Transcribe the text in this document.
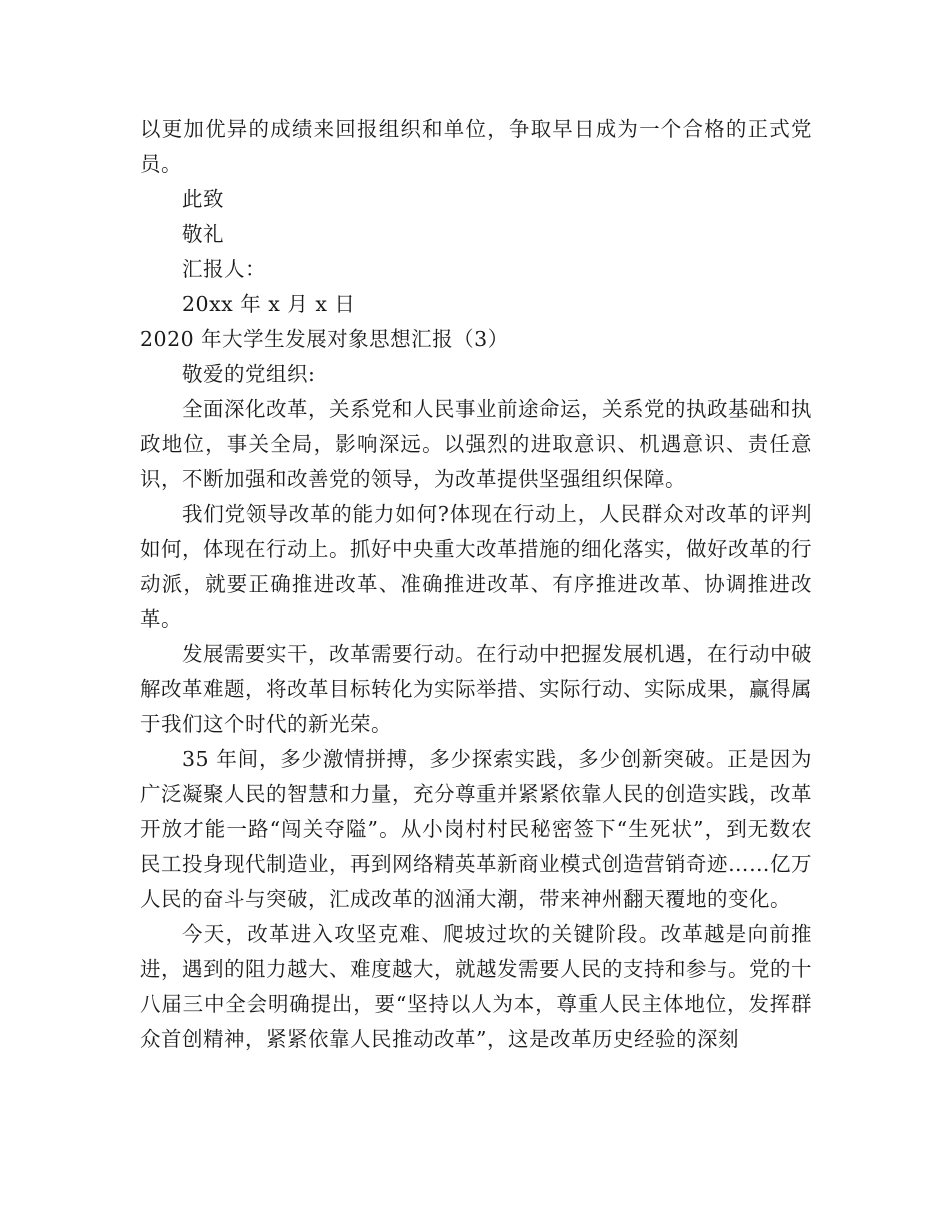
以更加优异的成绩来回报组织和单位，争取早日成为一个合格的正式党员。

此致

敬礼

汇报人：

20xx 年 x 月 x 日

2020 年大学生发展对象思想汇报（3）

敬爱的党组织:

全面深化改革，关系党和人民事业前途命运，关系党的执政基础和执政地位，事关全局，影响深远。以强烈的进取意识、机遇意识、责任意识，不断加强和改善党的领导，为改革提供坚强组织保障。

我们党领导改革的能力如何?体现在行动上，人民群众对改革的评判如何，体现在行动上。抓好中央重大改革措施的细化落实，做好改革的行动派，就要正确推进改革、准确推进改革、有序推进改革、协调推进改革。

发展需要实干，改革需要行动。在行动中把握发展机遇，在行动中破解改革难题，将改革目标转化为实际举措、实际行动、实际成果，赢得属于我们这个时代的新光荣。

35 年间，多少激情拼搏，多少探索实践，多少创新突破。正是因为广泛凝聚人民的智慧和力量，充分尊重并紧紧依靠人民的创造实践，改革开放才能一路“闯关夺隘”。从小岗村村民秘密签下“生死状”，到无数农民工投身现代制造业，再到网络精英革新商业模式创造营销奇迹……亿万人民的奋斗与突破，汇成改革的汹涌大潮，带来神州翻天覆地的变化。

今天，改革进入攻坚克难、爬坡过坎的关键阶段。改革越是向前推进，遇到的阻力越大、难度越大，就越发需要人民的支持和参与。党的十八届三中全会明确提出，要“坚持以人为本，尊重人民主体地位，发挥群众首创精神，紧紧依靠人民推动改革”，这是改革历史经验的深刻
